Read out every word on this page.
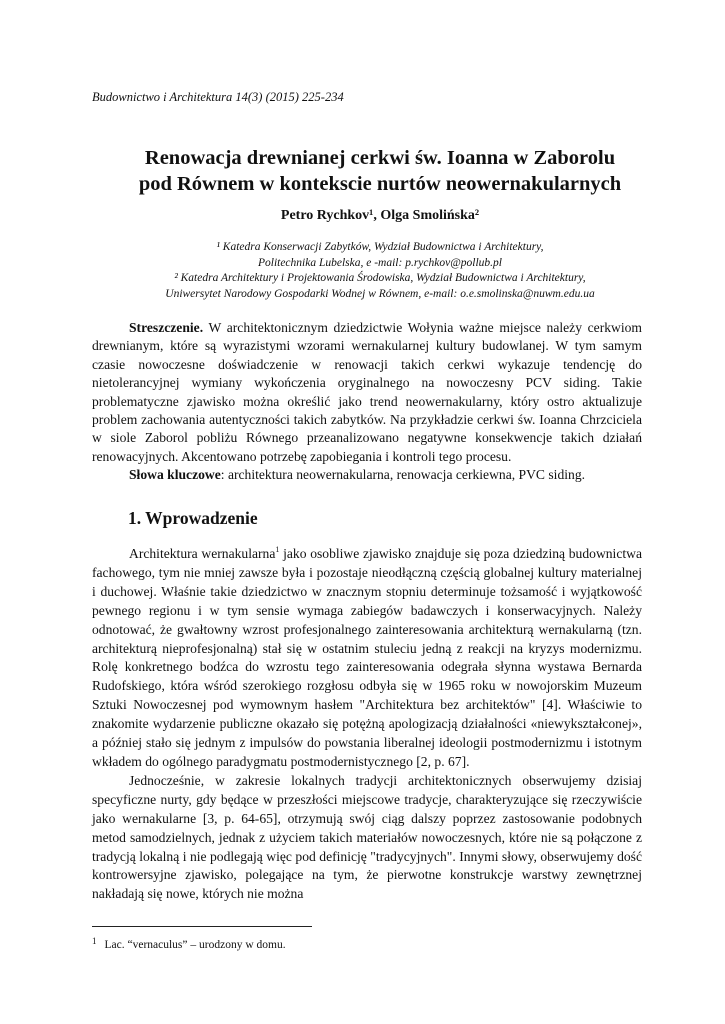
Budownictwo i Architektura 14(3) (2015) 225-234

Renowacja drewnianej cerkwi św. Ioanna w Zaborolu
pod Równem w kontekscie nurtów neowernakularnych

Petro Rychkov¹, Olga Smolińska²

¹ Katedra Konserwacji Zabytków, Wydział Budownictwa i Architektury,

Politechnika Lubelska, e -mail: p.rychkov@pollub.pl

² Katedra Architektury i Projektowania Środowiska, Wydział Budownictwa i Architektury,

Uniwersytet Narodowy Gospodarki Wodnej w Równem, e-mail: o.e.smolinska@nuwm.edu.ua

Streszczenie. W architektonicznym dziedzictwie Wołynia ważne miejsce należy cerkwiom drewnianym, które są wyrazistymi wzorami wernakularnej kultury budowlanej. W tym samym czasie nowoczesne doświadczenie w renowacji takich cerkwi wykazuje tendencję do nietolerancyjnej wymiany wykończenia oryginalnego na nowoczesny PCV siding. Takie problematyczne zjawisko można określić jako trend neowernakularny, który ostro aktualizuje problem zachowania autentyczności takich zabytków. Na przykładzie cerkwi św. Ioanna Chrzciciela w siole Zaborol pobliżu Równego przeanalizowano negatywne konsekwencje takich działań renowacyjnych. Akcentowano potrzebę zapobiegania i kontroli tego procesu.

Słowa kluczowe: architektura neowernakularna, renowacja cerkiewna, PVC siding.

1. Wprowadzenie

Architektura wernakularna$^1$ jako osobliwe zjawisko znajduje się poza dziedziną budownictwa fachowego, tym nie mniej zawsze była i pozostaje nieodłączną częścią globalnej kultury materialnej i duchowej. Właśnie takie dziedzictwo w znacznym stopniu determinuje tożsamość i wyjątkowość pewnego regionu i w tym sensie wymaga zabiegów badawczych i konserwacyjnych. Należy odnotować, że gwałtowny wzrost profesjonalnego zainteresowania architekturą wernakularną (tzn. architekturą nieprofesjonalną) stał się w ostatnim stuleciu jedną z reakcji na kryzys modernizmu. Rolę konkretnego bodźca do wzrostu tego zainteresowania odegrała słynna wystawa Bernarda Rudofskiego, która wśród szerokiego rozgłosu odbyła się w 1965 roku w nowojorskim Muzeum Sztuki Nowoczesnej pod wymownym hasłem "Architektura bez architektów" [4]. Właściwie to znakomite wydarzenie publiczne okazało się potężną apologizacją działalności «niewykształconej», a później stało się jednym z impulsów do powstania liberalnej ideologii postmodernizmu i istotnym wkładem do ogólnego paradygmatu postmodernistycznego [2, p. 67].

Jednocześnie, w zakresie lokalnych tradycji architektonicznych obserwujemy dzisiaj specyficzne nurty, gdy będące w przeszłości miejscowe tradycje, charakteryzujące się rzeczywiście jako wernakularne [3, p. 64-65], otrzymują swój ciąg dalszy poprzez zastosowanie podobnych metod samodzielnych, jednak z użyciem takich materiałów nowoczesnych, które nie są połączone z tradycją lokalną i nie podlegają więc pod definicję "tradycyjnych". Innymi słowy, obserwujemy dość kontrowersyjne zjawisko, polegające na tym, że pierwotne konstrukcje warstwy zewnętrznej nakładają się nowe, których nie można

$^1$ Lac. “vernaculus” – urodzony w domu.
